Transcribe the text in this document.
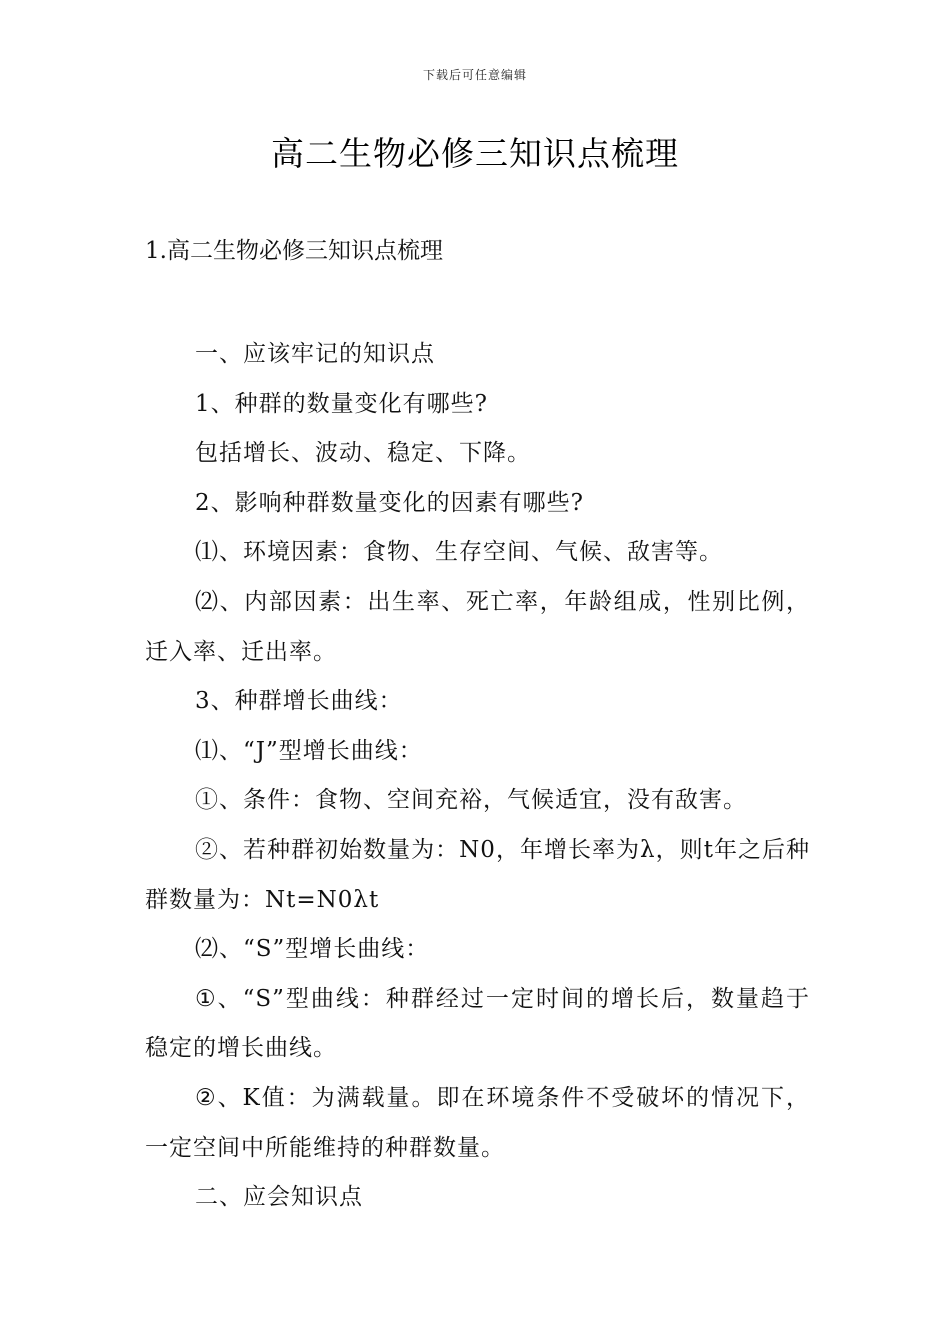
下载后可任意编辑
高二生物必修三知识点梳理
1.高二生物必修三知识点梳理

一、应该牢记的知识点

1、种群的数量变化有哪些?

包括增长、波动、稳定、下降。

2、影响种群数量变化的因素有哪些?

⑴、环境因素：食物、生存空间、气候、敌害等。

⑵、内部因素：出生率、死亡率，年龄组成，性别比例，迁入率、迁出率。

3、种群增长曲线：

⑴、“J”型增长曲线：

①、条件：食物、空间充裕，气候适宜，没有敌害。

②、若种群初始数量为：N0，年增长率为λ，则t年之后种群数量为：Nt=N0λt

⑵、“S”型增长曲线：

①、“S”型曲线：种群经过一定时间的增长后，数量趋于稳定的增长曲线。

②、K值：为满载量。即在环境条件不受破坏的情况下，一定空间中所能维持的种群数量。

二、应会知识点
